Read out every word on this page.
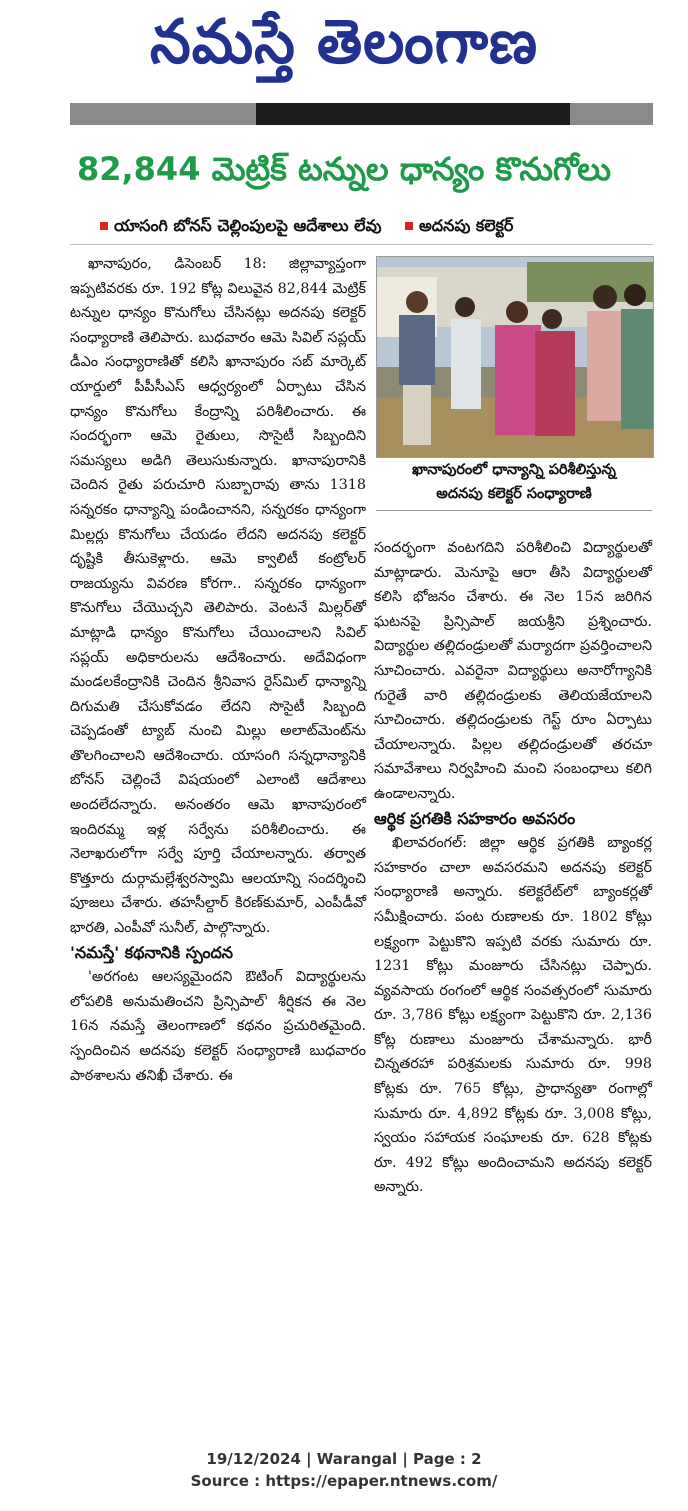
నమస్తే తెలంగాణ
82,844 మెట్రిక్ టన్నుల ధాన్యం కొనుగోలు
యాసంగి బోనస్ చెల్లింపులపై ఆదేశాలు లేవు అదనపు కలెక్టర్
ఖానాపురంలో ధాన్యాన్ని పరిశీలిస్తున్న
అదనపు కలెక్టర్ సంధ్యారాణి

ఖానాపురం, డిసెంబర్ 18: జిల్లావ్యాప్తంగా ఇప్పటివరకు రూ. 192 కోట్ల విలువైన 82,844 మెట్రిక్ టన్నుల ధాన్యం కొనుగోలు చేసినట్లు అదనపు కలెక్టర్ సంధ్యారాణి తెలిపారు. బుధవారం ఆమె సివిల్ సప్లయ్ డీఎం సంధ్యారాణితో కలిసి ఖానాపురం సబ్ మార్కెట్ యార్డులో పీపీసీఎస్ ఆధ్వర్యంలో ఏర్పాటు చేసిన ధాన్యం కొనుగోలు కేంద్రాన్ని పరిశీలించారు. ఈ సందర్భంగా ఆమె రైతులు, సొసైటీ సిబ్బందిని సమస్యలు అడిగి తెలుసుకున్నారు. ఖానాపురానికి చెందిన రైతు పరుచూరి సుబ్బారావు తాను 1318 సన్నరకం ధాన్యాన్ని పండించానని, సన్నరకం ధాన్యంగా మిల్లర్లు కొనుగోలు చేయడం లేదని అదనపు కలెక్టర్ దృష్టికి తీసుకెళ్లారు. ఆమె క్వాలిటీ కంట్రోలర్ రాజయ్యను వివరణ కోరగా.. సన్నరకం ధాన్యంగా కొనుగోలు చేయొచ్చని తెలిపారు. వెంటనే మిల్లర్‌తో మాట్లాడి ధాన్యం కొనుగోలు చేయించాలని సివిల్ సప్లయ్ అధికారులను ఆదేశించారు. అదేవిధంగా మండలకేంద్రానికి చెందిన శ్రీనివాస రైస్‌మిల్ ధాన్యాన్ని దిగుమతి చేసుకోవడం లేదని సొసైటీ సిబ్బంది చెప్పడంతో ట్యాబ్ నుంచి మిల్లు అలాట్‌మెంట్‌ను తొలగించాలని ఆదేశించారు. యాసంగి సన్నధాన్యానికి బోనస్ చెల్లించే విషయంలో ఎలాంటి ఆదేశాలు అందలేదన్నారు. అనంతరం ఆమె ఖానాపురంలో ఇందిరమ్మ ఇళ్ల సర్వేను పరిశీలించారు. ఈ నెలాఖరులోగా సర్వే పూర్తి చేయాలన్నారు. తర్వాత కొత్తూరు దుర్గామల్లేశ్వరస్వామి ఆలయాన్ని సందర్శించి పూజలు చేశారు. తహసీల్దార్ కిరణ్‌కుమార్, ఎంపీడీవో భారతి, ఎంపీవో సునీల్, పాల్గొన్నారు.

'నమస్తే' కథనానికి స్పందన

'అరగంట ఆలస్యమైందని ఔటింగ్ విద్యార్థులను లోపలికి అనుమతించని ప్రిన్సిపాల్' శీర్షికన ఈ నెల 16న నమస్తే తెలంగాణలో కథనం ప్రచురితమైంది. స్పందించిన అదనపు కలెక్టర్ సంధ్యారాణి బుధవారం పాఠశాలను తనిఖీ చేశారు. ఈ

సందర్భంగా వంటగదిని పరిశీలించి విద్యార్థులతో మాట్లాడారు. మెనూపై ఆరా తీసి విద్యార్థులతో కలిసి భోజనం చేశారు. ఈ నెల 15న జరిగిన ఘటనపై ప్రిన్సిపాల్ జయశ్రీని ప్రశ్నించారు. విద్యార్థుల తల్లిదండ్రులతో మర్యాదగా ప్రవర్తించాలని సూచించారు. ఎవరైనా విద్యార్థులు అనారోగ్యానికి గురైతే వారి తల్లిదండ్రులకు తెలియజేయాలని సూచించారు. తల్లిదండ్రులకు గెస్ట్ రూం ఏర్పాటు చేయాలన్నారు. పిల్లల తల్లిదండ్రులతో తరచూ సమావేశాలు నిర్వహించి మంచి సంబంధాలు కలిగి ఉండాలన్నారు.

ఆర్థిక ప్రగతికి సహకారం అవసరం

ఖిలావరంగల్: జిల్లా ఆర్థిక ప్రగతికి బ్యాంకర్ల సహకారం చాలా అవసరమని అదనపు కలెక్టర్ సంధ్యారాణి అన్నారు. కలెక్టరేట్‌లో బ్యాంకర్లతో సమీక్షించారు. పంట రుణాలకు రూ. 1802 కోట్లు లక్ష్యంగా పెట్టుకొని ఇప్పటి వరకు సుమారు రూ. 1231 కోట్లు మంజూరు చేసినట్లు చెప్పారు. వ్యవసాయ రంగంలో ఆర్థిక సంవత్సరంలో సుమారు రూ. 3,786 కోట్లు లక్ష్యంగా పెట్టుకొని రూ. 2,136 కోట్ల రుణాలు మంజూరు చేశామన్నారు. భారీ చిన్నతరహా పరిశ్రమలకు సుమారు రూ. 998 కోట్లకు రూ. 765 కోట్లు, ప్రాధాన్యతా రంగాల్లో సుమారు రూ. 4,892 కోట్లకు రూ. 3,008 కోట్లు, స్వయం సహాయక సంఘాలకు రూ. 628 కోట్లకు రూ. 492 కోట్లు అందించామని అదనపు కలెక్టర్ అన్నారు.

19/12/2024 | Warangal | Page : 2
Source : https://epaper.ntnews.com/
